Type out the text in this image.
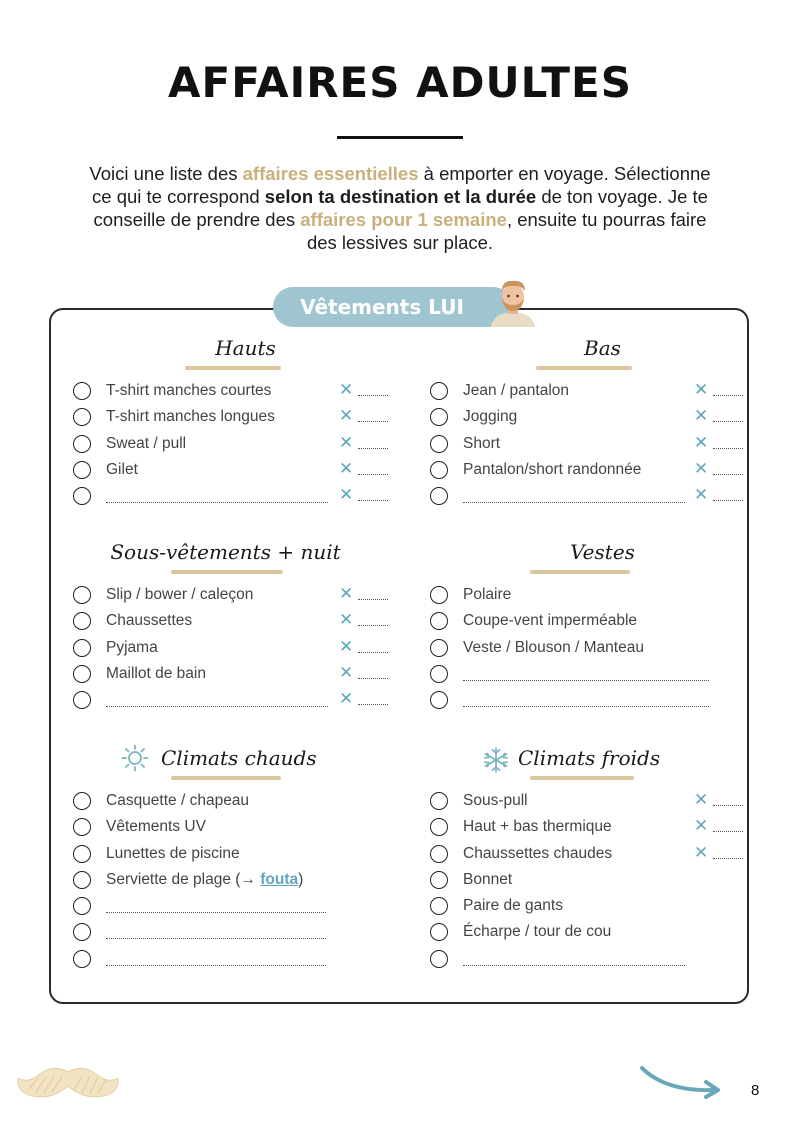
AFFAIRES ADULTES
Voici une liste des affaires essentielles à emporter en voyage. Sélectionne ce qui te correspond selon ta destination et la durée de ton voyage. Je te conseille de prendre des affaires pour 1 semaine, ensuite tu pourras faire des lessives sur place.
Vêtements LUI
Hauts
T-shirt manches courtes	✕
T-shirt manches longues	✕
Sweat / pull	✕
Gilet	✕
✕
Bas
Jean / pantalon	✕
Jogging	✕
Short	✕
Pantalon/short randonnée	✕
✕
Sous-vêtements + nuit
Slip / bower / caleçon	✕
Chaussettes	✕
Pyjama	✕
Maillot de bain	✕
✕
Vestes
Polaire
Coupe-vent imperméable
Veste / Blouson / Manteau
Climats chauds
Casquette / chapeau
Vêtements UV
Lunettes de piscine
Serviette de plage (→ fouta)
Climats froids
Sous-pull	✕
Haut + bas thermique	✕
Chaussettes chaudes	✕
Bonnet
Paire de gants
Écharpe / tour de cou
8
